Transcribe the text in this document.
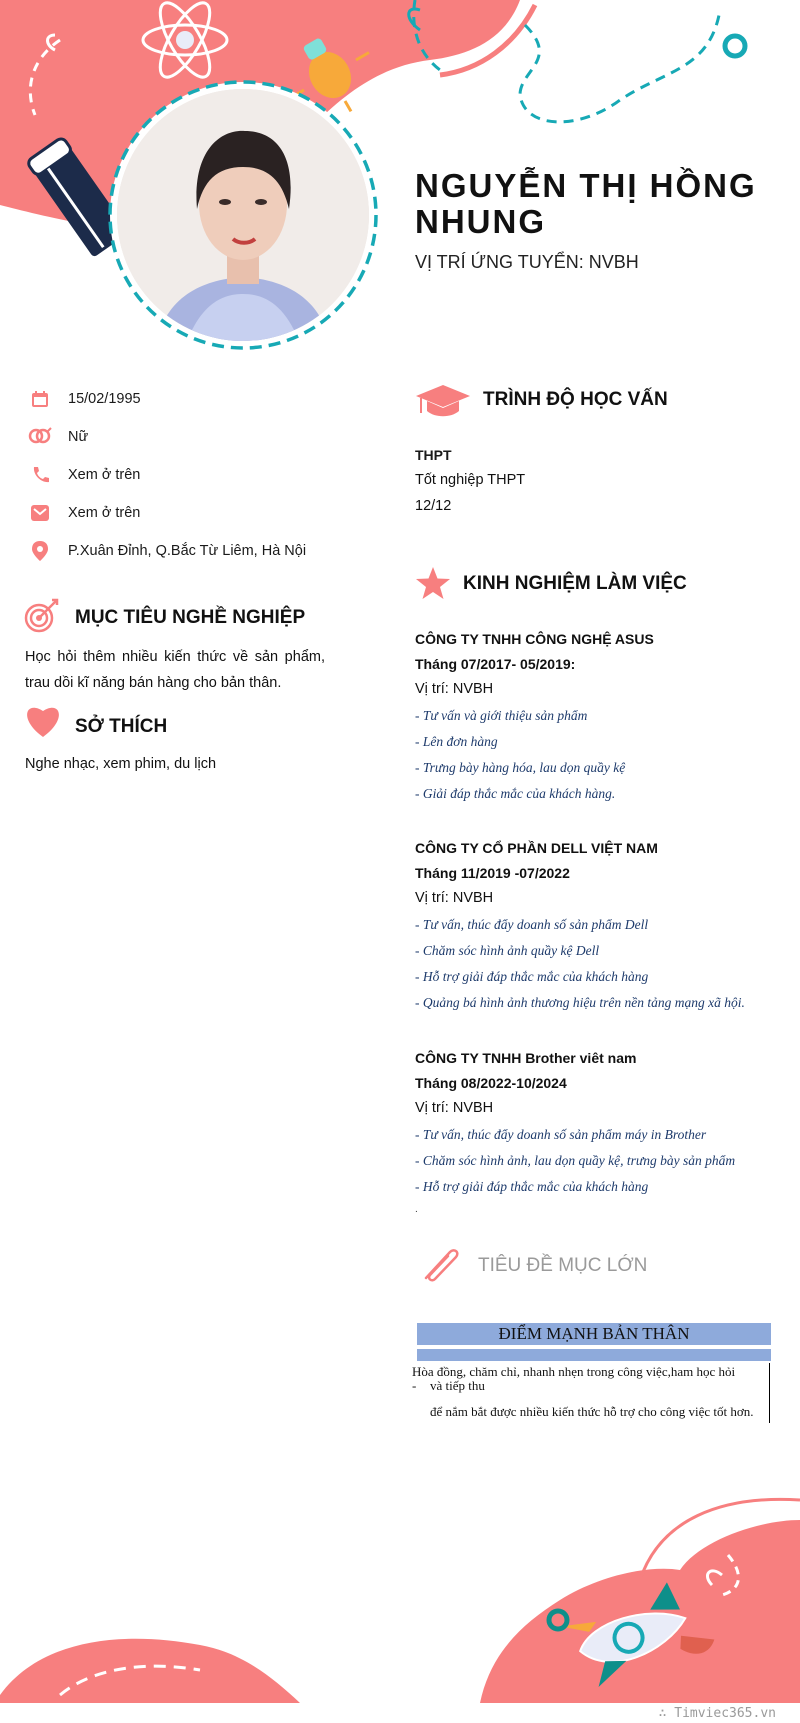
NGUYỄN THỊ HỒNG NHUNG
VỊ TRÍ ỨNG TUYỂN: NVBH
15/02/1995
Nữ
Xem ở trên
Xem ở trên
P.Xuân Đỉnh, Q.Bắc Từ Liêm, Hà Nội
MỤC TIÊU NGHỀ NGHIỆP
Học hỏi thêm nhiều kiến thức về sản phẩm,
trau dồi kĩ năng bán hàng cho bản thân.
SỞ THÍCH
Nghe nhạc, xem phim, du lịch
TRÌNH ĐỘ HỌC VẤN
THPT
Tốt nghiệp THPT
12/12
KINH NGHIỆM LÀM VIỆC
CÔNG TY TNHH CÔNG NGHỆ ASUS
Tháng 07/2017- 05/2019:
Vị trí: NVBH
- Tư vấn và giới thiệu sản phẩm
- Lên đơn hàng
- Trưng bày hàng hóa, lau dọn quầy kệ
- Giải đáp thắc mắc của khách hàng.
CÔNG TY CỔ PHẦN DELL VIỆT NAM
Tháng 11/2019 -07/2022
Vị trí: NVBH
- Tư vấn, thúc đẩy doanh số sản phẩm Dell
- Chăm sóc hình ảnh quầy kệ Dell
- Hỗ trợ giải đáp thắc mắc của khách hàng
- Quảng bá hình ảnh thương hiệu trên nền tảng mạng xã hội.
CÔNG TY TNHH Brother viêt nam
Tháng 08/2022-10/2024
Vị trí: NVBH
- Tư vấn, thúc đẩy doanh số sản phẩm máy in Brother
- Chăm sóc hình ảnh, lau dọn quầy kệ, trưng bày sản phẩm
- Hỗ trợ giải đáp thắc mắc của khách hàng
.
TIÊU ĐỀ MỤC LỚN
ĐIỂM MẠNH BẢN THÂN
Hòa đồng, chăm chỉ, nhanh nhẹn trong công việc,ham học hỏi
- và tiếp thu
để nắm bắt được nhiều kiến thức hỗ trợ cho công việc tốt hơn.
∴ Timviec365.vn
